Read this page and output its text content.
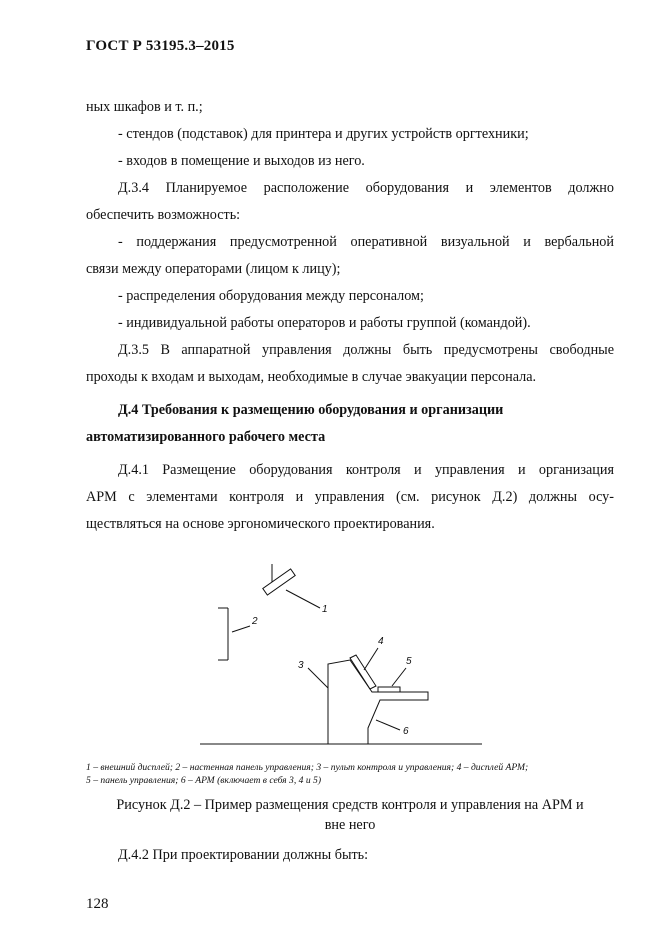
ГОСТ Р 53195.3–2015
ных шкафов и т. п.;
- стендов (подставок) для принтера и других устройств оргтехники;
- входов в помещение и выходов из него.
Д.3.4 Планируемое расположение оборудования и элементов должно
обеспечить возможность:
- поддержания предусмотренной оперативной визуальной и вербальной
связи между операторами (лицом к лицу);
- распределения оборудования между персоналом;
- индивидуальной работы операторов и работы группой (командой).
Д.3.5 В аппаратной управления должны быть предусмотрены свободные
проходы к входам и выходам, необходимые в случае эвакуации персонала.
Д.4 Требования к размещению оборудования и организации
автоматизированного рабочего места
Д.4.1 Размещение оборудования контроля и управления и организация
АРМ с элементами контроля и управления (см. рисунок Д.2) должны осу-
ществляться на основе эргономического проектирования.
1
2
3
4
5
6
1 – внешний дисплей; 2 – настенная панель управления; 3 – пульт контроля и управления; 4 – дисплей АРМ;
5 – панель управления; 6 – АРМ (включает в себя 3, 4 и 5)
Рисунок Д.2 – Пример размещения средств контроля и управления на АРМ и
вне него
Д.4.2 При проектировании должны быть:
128
